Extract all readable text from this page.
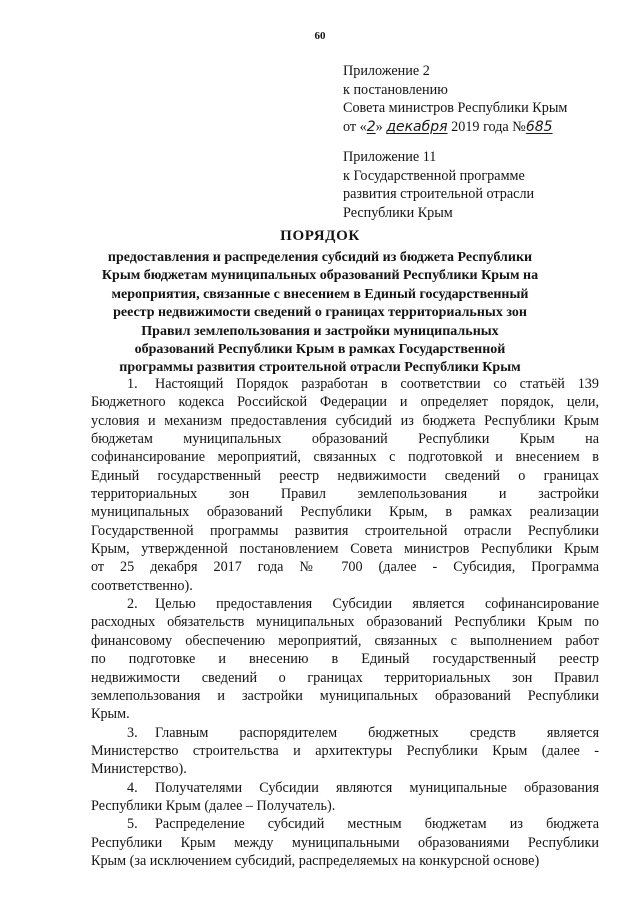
60
Приложение 2
к постановлению
Совета министров Республики Крым
от «2» декабря 2019 года №685
Приложение 11
к Государственной программе
развития строительной отрасли
Республики Крым
ПОРЯДОК
предоставления и распределения субсидий из бюджета Республики
Крым бюджетам муниципальных образований Республики Крым на
мероприятия, связанные с внесением в Единый государственный
реестр недвижимости сведений о границах территориальных зон
Правил землепользования и застройки муниципальных
образований Республики Крым в рамках Государственной
программы развития строительной отрасли Республики Крым
1. Настоящий Порядок разработан в соответствии со статьёй 139
Бюджетного кодекса Российской Федерации и определяет порядок, цели,
условия и механизм предоставления субсидий из бюджета Республики Крым
бюджетам муниципальных образований Республики Крым на
софинансирование мероприятий, связанных с подготовкой и внесением в
Единый государственный реестр недвижимости сведений о границах
территориальных зон Правил землепользования и застройки
муниципальных образований Республики Крым, в рамках реализации
Государственной программы развития строительной отрасли Республики
Крым, утвержденной постановлением Совета министров Республики Крым
от 25 декабря 2017 года № 700 (далее - Субсидия, Программа
соответственно).
2. Целью предоставления Субсидии является софинансирование
расходных обязательств муниципальных образований Республики Крым по
финансовому обеспечению мероприятий, связанных с выполнением работ
по подготовке и внесению в Единый государственный реестр
недвижимости сведений о границах территориальных зон Правил
землепользования и застройки муниципальных образований Республики
Крым.
3. Главным распорядителем бюджетных средств является
Министерство строительства и архитектуры Республики Крым (далее -
Министерство).
4. Получателями Субсидии являются муниципальные образования
Республики Крым (далее – Получатель).
5. Распределение субсидий местным бюджетам из бюджета
Республики Крым между муниципальными образованиями Республики
Крым (за исключением субсидий, распределяемых на конкурсной основе)
